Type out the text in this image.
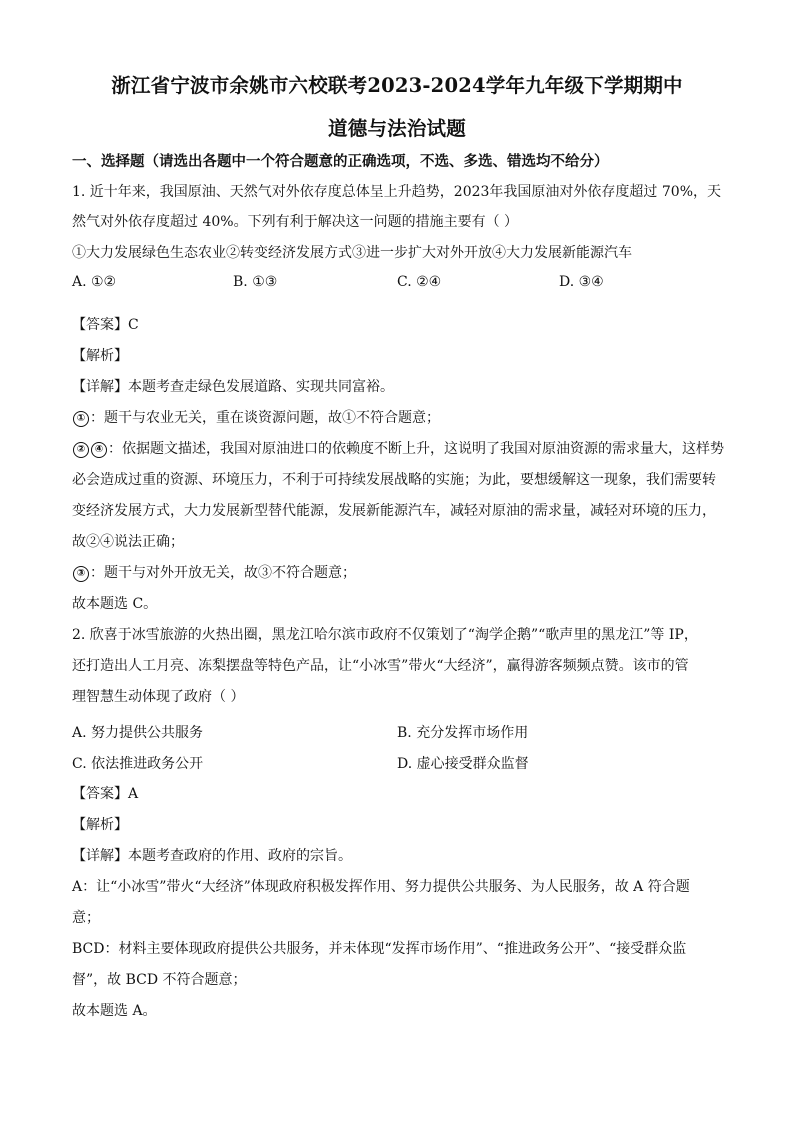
浙江省宁波市余姚市六校联考2023-2024学年九年级下学期期中
道德与法治试题
一、选择题（请选出各题中一个符合题意的正确选项，不选、多选、错选均不给分）
1. 近十年来，我国原油、天然气对外依存度总体呈上升趋势，2023年我国原油对外依存度超过 70%，天
然气对外依存度超过 40%。下列有利于解决这一问题的措施主要有（ ）
①大力发展绿色生态农业②转变经济发展方式③进一步扩大对外开放④大力发展新能源汽车
A. ①②	B. ①③	C. ②④	D. ③④
【答案】C
【解析】
【详解】本题考查走绿色发展道路、实现共同富裕。
① ：题干与农业无关，重在谈资源问题，故①不符合题意；
② ④ ：依据题文描述，我国对原油进口的依赖度不断上升，这说明了我国对原油资源的需求量大，这样势
必会造成过重的资源、环境压力，不利于可持续发展战略的实施；为此，要想缓解这一现象，我们需要转
变经济发展方式，大力发展新型替代能源，发展新能源汽车，减轻对原油的需求量，减轻对环境的压力，
故②④说法正确；
③ ：题干与对外开放无关，故③不符合题意；
故本题选 C。
2. 欣喜于冰雪旅游的火热出圈，黑龙江哈尔滨市政府不仅策划了“淘学企鹅”“歌声里的黑龙江”等 IP，
还打造出人工月亮、冻梨摆盘等特色产品，让“小冰雪”带火“大经济”，赢得游客频频点赞。该市的管
理智慧生动体现了政府（ ）
A. 努力提供公共服务	B. 充分发挥市场作用
C. 依法推进政务公开	D. 虚心接受群众监督
【答案】A
【解析】
【详解】本题考查政府的作用、政府的宗旨。
A：让“小冰雪”带火“大经济”体现政府积极发挥作用、努力提供公共服务、为人民服务，故 A 符合题
意；
BCD：材料主要体现政府提供公共服务，并未体现“发挥市场作用”、“推进政务公开”、“接受群众监
督”，故 BCD 不符合题意；
故本题选 A。
